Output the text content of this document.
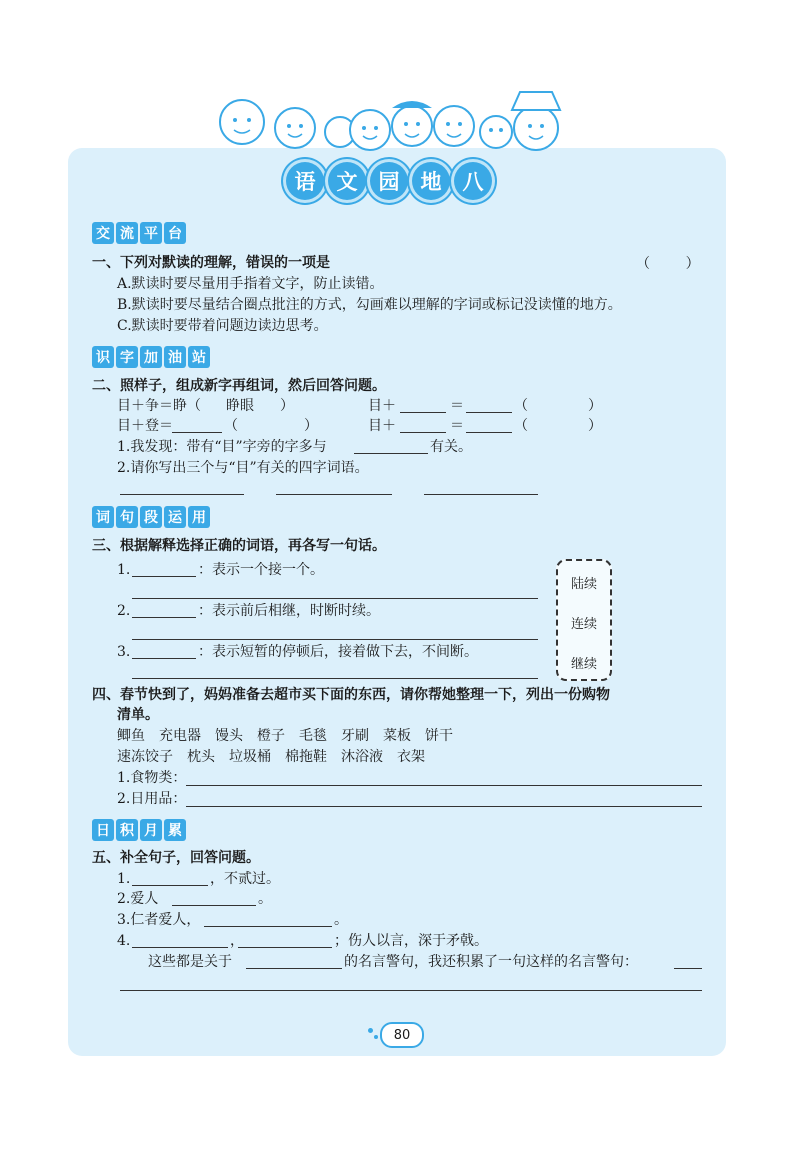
语	文	园	地	八
交 流 平 台
一、下列对默读的理解，错误的一项是	（        ）
A.默读时要尽量用手指着文字，防止读错。
B.默读时要尽量结合圈点批注的方式，勾画难以理解的字词或标记没读懂的地方。
C.默读时要带着问题边读边思考。
识 字 加 油 站
二、照样子，组成新字再组词，然后回答问题。
目＋争＝睁（ 睁眼 ）	目＋	＝	（	）
目＋登＝	（	）	目＋	＝	（	）
1.我发现：带有“目”字旁的字多与	有关。
2.请你写出三个与“目”有关的四字词语。
词 句 段 运 用
三、根据解释选择正确的词语，再各写一句话。
1.	：表示一个接一个。
2.	：表示前后相继，时断时续。
3.	：表示短暂的停顿后，接着做下去，不间断。
陆续
连续
继续
四、春节快到了，妈妈准备去超市买下面的东西，请你帮她整理一下，列出一份购物
清单。
鲫鱼　充电器　馒头　橙子　毛毯　牙刷　菜板　饼干
速冻饺子　枕头　垃圾桶　棉拖鞋　沐浴液　衣架
1.食物类：
2.日用品：
日 积 月 累
五、补全句子，回答问题。
1.	，不贰过。
2.爱人	。
3.仁者爱人，	。
4.	，	；伤人以言，深于矛戟。
这些都是关于	的名言警句，我还积累了一句这样的名言警句：
80
